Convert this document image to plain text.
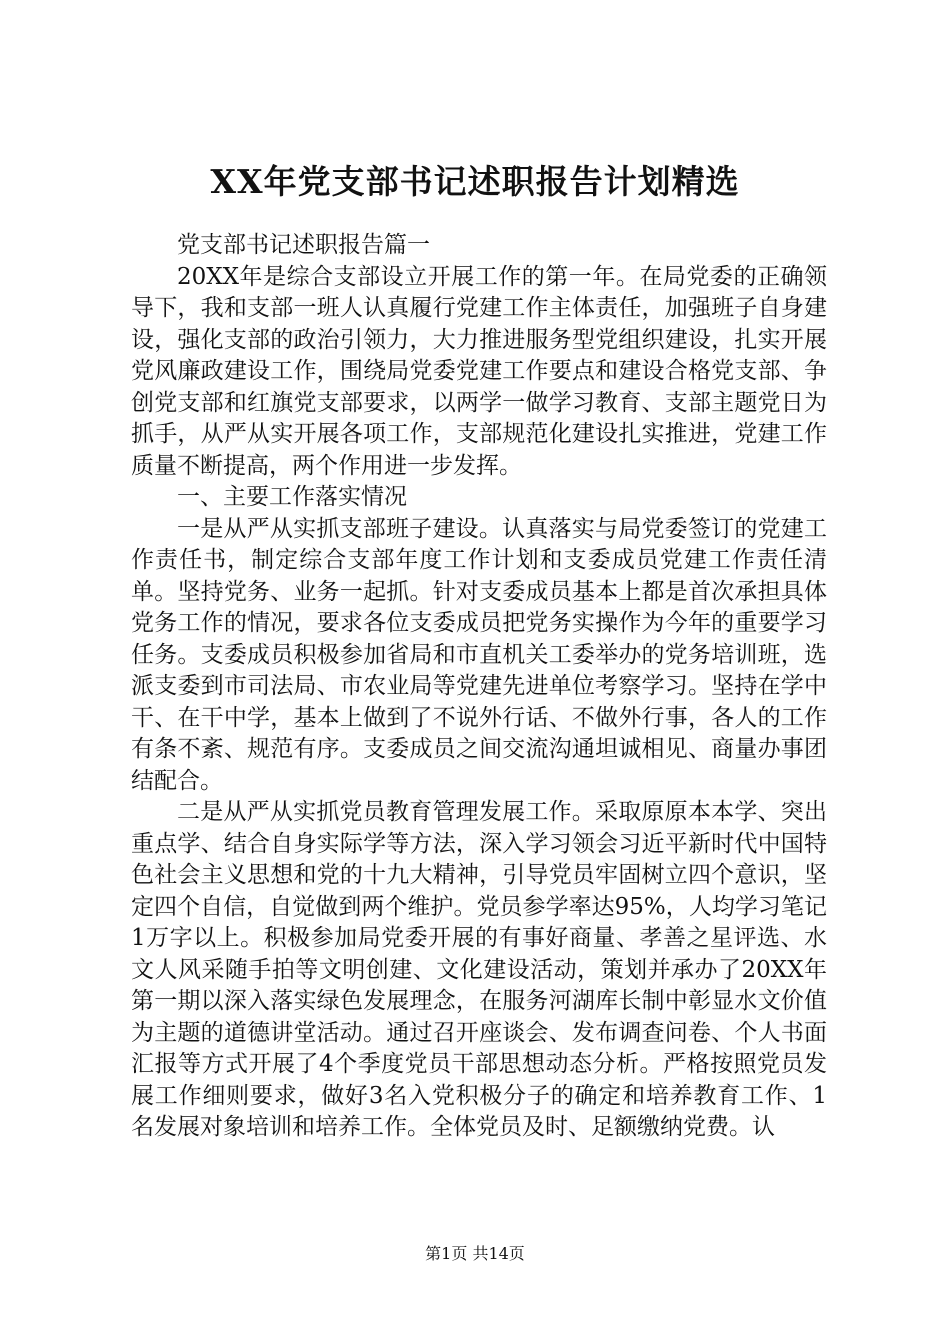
XX年党支部书记述职报告计划精选

党支部书记述职报告篇一

20XX年是综合支部设立开展工作的第一年。在局党委的正确领导下，我和支部一班人认真履行党建工作主体责任，加强班子自身建设，强化支部的政治引领力，大力推进服务型党组织建设，扎实开展党风廉政建设工作，围绕局党委党建工作要点和建设合格党支部、争创党支部和红旗党支部要求，以两学一做学习教育、支部主题党日为抓手，从严从实开展各项工作，支部规范化建设扎实推进，党建工作质量不断提高，两个作用进一步发挥。

一、主要工作落实情况

一是从严从实抓支部班子建设。认真落实与局党委签订的党建工作责任书，制定综合支部年度工作计划和支委成员党建工作责任清单。坚持党务、业务一起抓。针对支委成员基本上都是首次承担具体党务工作的情况，要求各位支委成员把党务实操作为今年的重要学习任务。支委成员积极参加省局和市直机关工委举办的党务培训班，选派支委到市司法局、市农业局等党建先进单位考察学习。坚持在学中干、在干中学，基本上做到了不说外行话、不做外行事，各人的工作有条不紊、规范有序。支委成员之间交流沟通坦诚相见、商量办事团结配合。

二是从严从实抓党员教育管理发展工作。采取原原本本学、突出重点学、结合自身实际学等方法，深入学习领会习近平新时代中国特色社会主义思想和党的十九大精神，引导党员牢固树立四个意识，坚定四个自信，自觉做到两个维护。党员参学率达95%，人均学习笔记1万字以上。积极参加局党委开展的有事好商量、孝善之星评选、水文人风采随手拍等文明创建、文化建设活动，策划并承办了20XX年第一期以深入落实绿色发展理念，在服务河湖库长制中彰显水文价值为主题的道德讲堂活动。通过召开座谈会、发布调查问卷、个人书面汇报等方式开展了4个季度党员干部思想动态分析。严格按照党员发展工作细则要求，做好3名入党积极分子的确定和培养教育工作、1名发展对象培训和培养工作。全体党员及时、足额缴纳党费。认

第1页 共14页
